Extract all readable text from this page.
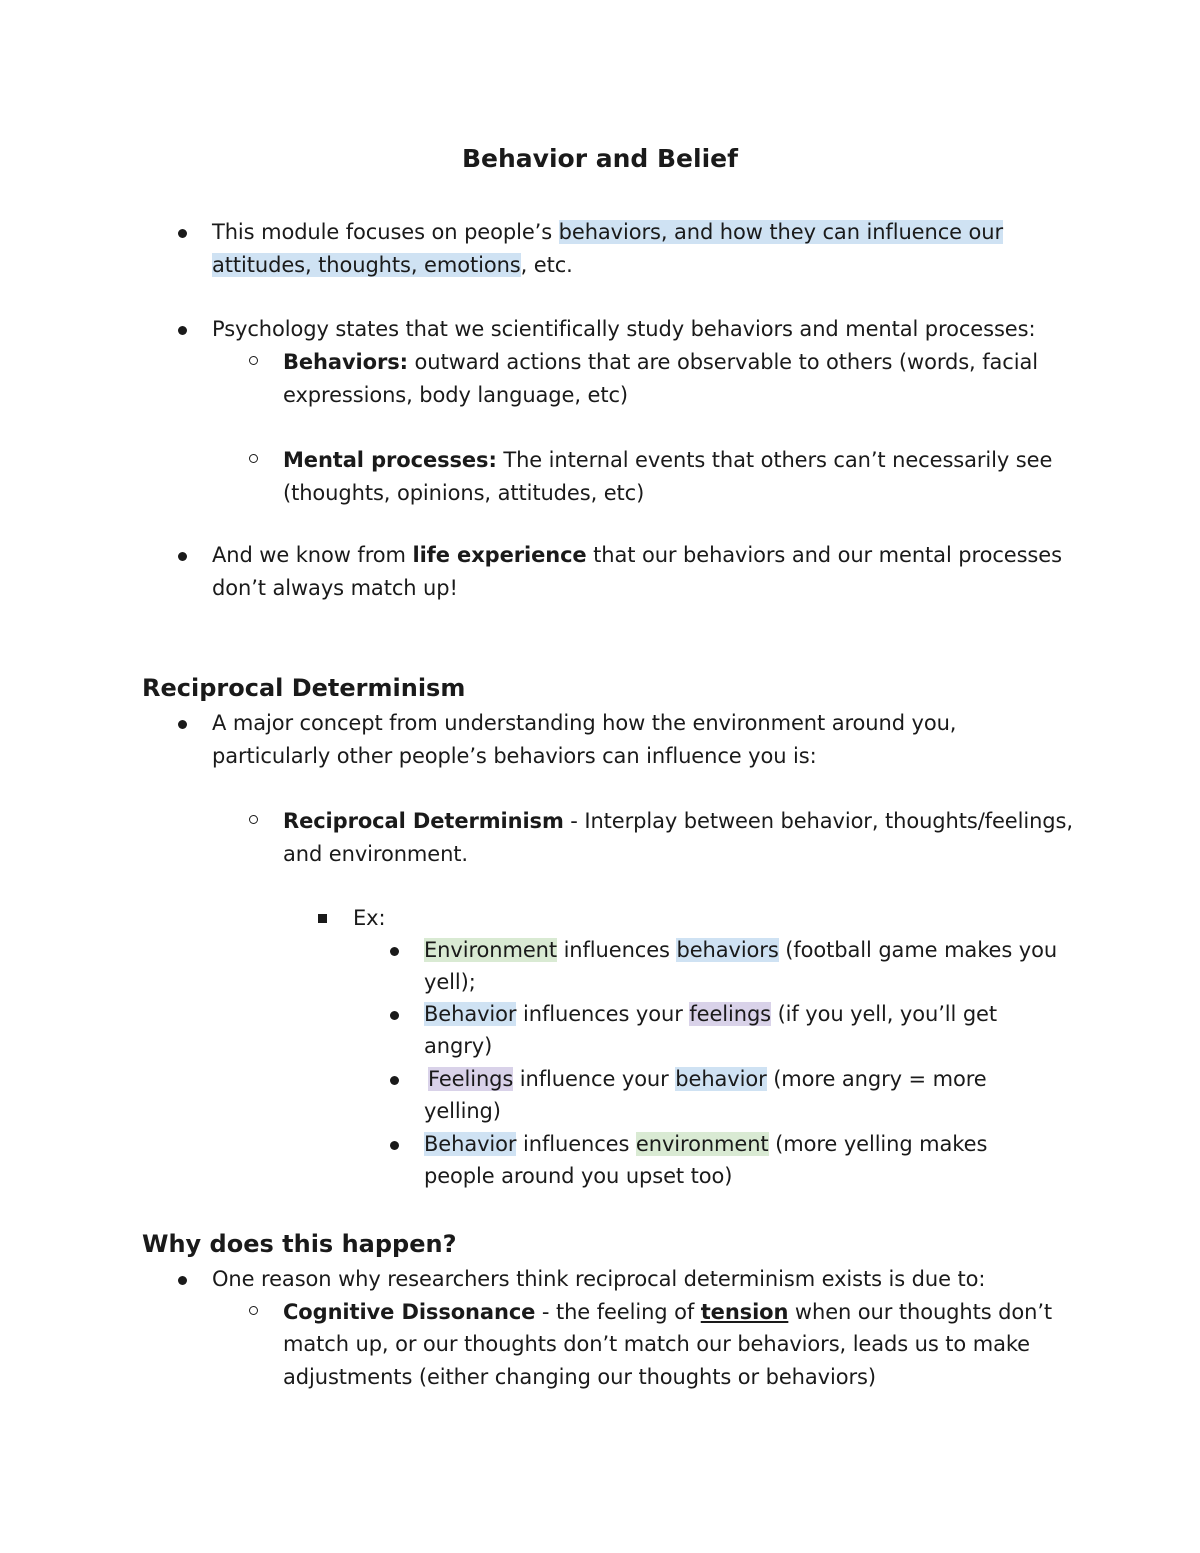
Behavior and Belief
This module focuses on people’s behaviors, and how they can influence our
attitudes, thoughts, emotions, etc.
Psychology states that we scientifically study behaviors and mental processes:
Behaviors: outward actions that are observable to others (words, facial
expressions, body language, etc)
Mental processes: The internal events that others can’t necessarily see
(thoughts, opinions, attitudes, etc)
And we know from life experience that our behaviors and our mental processes
don’t always match up!
Reciprocal Determinism
A major concept from understanding how the environment around you,
particularly other people’s behaviors can influence you is:
Reciprocal Determinism - Interplay between behavior, thoughts/feelings,
and environment.
Ex:
Environment influences behaviors (football game makes you
yell);
Behavior influences your feelings (if you yell, you’ll get
angry)
Feelings influence your behavior (more angry = more
yelling)
Behavior influences environment (more yelling makes
people around you upset too)
Why does this happen?
One reason why researchers think reciprocal determinism exists is due to:
Cognitive Dissonance - the feeling of tension when our thoughts don’t
match up, or our thoughts don’t match our behaviors, leads us to make
adjustments (either changing our thoughts or behaviors)
